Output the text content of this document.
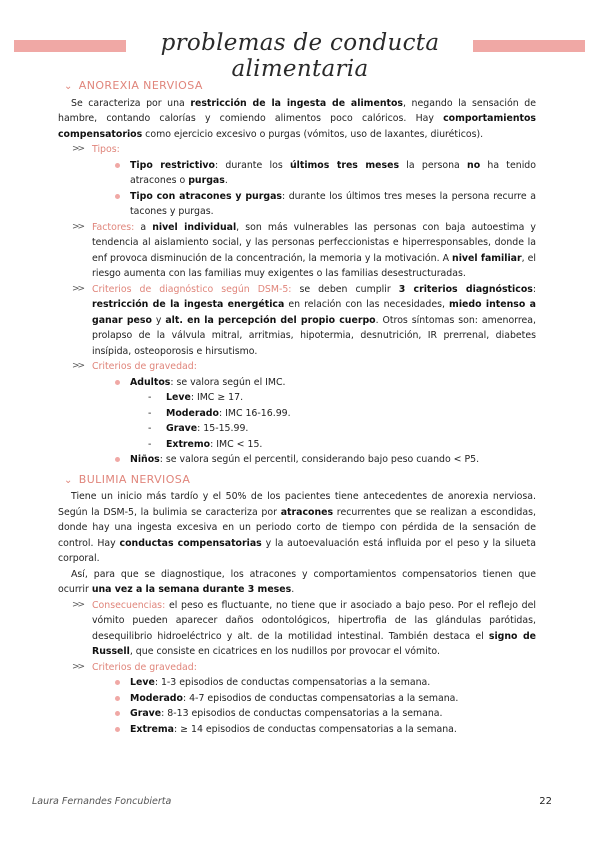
problemas de conducta alimentaria
⌄ ANOREXIA NERVIOSA

Se caracteriza por una restricción de la ingesta de alimentos, negando la sensación de hambre, contando calorías y comiendo alimentos poco calóricos. Hay comportamientos compensatorios como ejercicio excesivo o purgas (vómitos, uso de laxantes, diuréticos).

>> Tipos:
Tipo restrictivo: durante los últimos tres meses la persona no ha tenido atracones o purgas.
Tipo con atracones y purgas: durante los últimos tres meses la persona recurre a tacones y purgas.
>> Factores: a nivel individual, son más vulnerables las personas con baja autoestima y tendencia al aislamiento social, y las personas perfeccionistas e hiperresponsables, donde la enf provoca disminución de la concentración, la memoria y la motivación. A nivel familiar, el riesgo aumenta con las familias muy exigentes o las familias desestructuradas.
>> Criterios de diagnóstico según DSM-5: se deben cumplir 3 criterios diagnósticos: restricción de la ingesta energética en relación con las necesidades, miedo intenso a ganar peso y alt. en la percepción del propio cuerpo. Otros síntomas son: amenorrea, prolapso de la válvula mitral, arritmias, hipotermia, desnutrición, IR prerrenal, diabetes insípida, osteoporosis e hirsutismo.
>> Criterios de gravedad:
Adultos: se valora según el IMC.
- Leve: IMC ≥ 17.
- Moderado: IMC 16-16.99.
- Grave: 15-15.99.
- Extremo: IMC < 15.
Niños: se valora según el percentil, considerando bajo peso cuando < P5.
⌄ BULIMIA NERVIOSA

Tiene un inicio más tardío y el 50% de los pacientes tiene antecedentes de anorexia nerviosa. Según la DSM-5, la bulimia se caracteriza por atracones recurrentes que se realizan a escondidas, donde hay una ingesta excesiva en un periodo corto de tiempo con pérdida de la sensación de control. Hay conductas compensatorias y la autoevaluación está influida por el peso y la silueta corporal.

Así, para que se diagnostique, los atracones y comportamientos compensatorios tienen que ocurrir una vez a la semana durante 3 meses.

>> Consecuencias: el peso es fluctuante, no tiene que ir asociado a bajo peso. Por el reflejo del vómito pueden aparecer daños odontológicos, hipertrofia de las glándulas parótidas, desequilibrio hidroeléctrico y alt. de la motilidad intestinal. También destaca el signo de Russell, que consiste en cicatrices en los nudillos por provocar el vómito.
>> Criterios de gravedad:
Leve: 1-3 episodios de conductas compensatorias a la semana.
Moderado: 4-7 episodios de conductas compensatorias a la semana.
Grave: 8-13 episodios de conductas compensatorias a la semana.
Extrema: ≥ 14 episodios de conductas compensatorias a la semana.
Laura Fernandes Foncubierta	22
